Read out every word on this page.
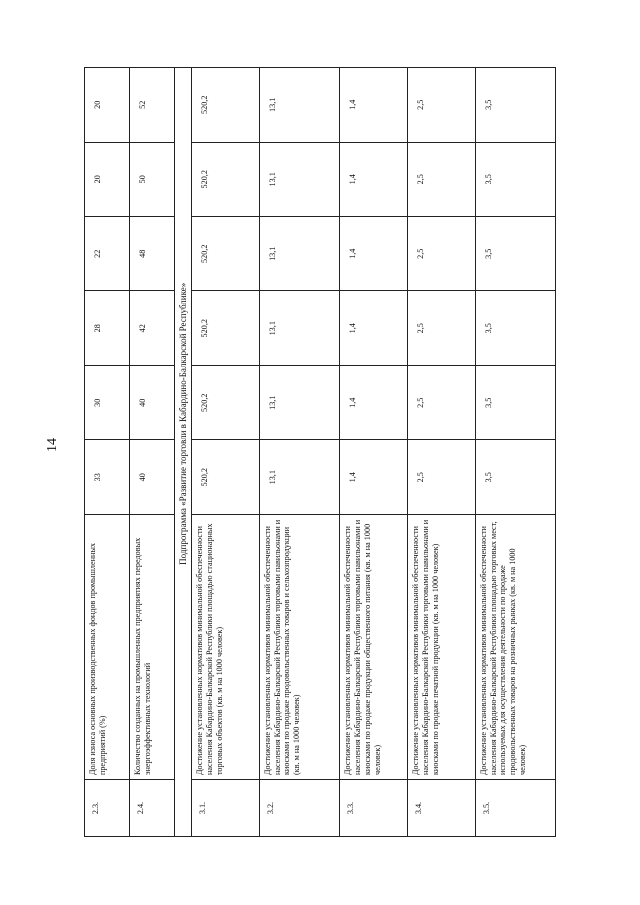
14
2.3.	Доля износа основных производственных фондов промышленных предприятий (%)	33	30	28	22	20	20
2.4.	Количество созданных на промышленных предприятиях передовых энергоэффективных технологий	40	40	42	48	50	52
	Подпрограмма «Развитие торговли в Кабардино-Балкарской Республике»						
3.1.	Достижение установленных нормативов минимальной обеспеченности населения Кабардино-Балкарской Республики площадью стационарных торговых объектов (кв. м на 1000 человек)	520,2	520,2	520,2	520,2	520,2	520,2
3.2.	Достижение установленных нормативов минимальной обеспеченности населения Кабардино-Балкарской Республики торговыми павильонами и киосками по продаже продовольственных товаров и сельхозпродукции (кв. м на 1000 человек)	13,1	13,1	13,1	13,1	13,1	13,1
3.3.	Достижение установленных нормативов минимальной обеспеченности населения Кабардино-Балкарской Республики торговыми павильонами и киосками по продаже продукции общественного питания (кв. м на 1000 человек)	1,4	1,4	1,4	1,4	1,4	1,4
3.4.	Достижение установленных нормативов минимальной обеспеченности населения Кабардино-Балкарской Республики торговыми павильонами и киосками по продаже печатной продукции (кв. м на 1000 человек)	2,5	2,5	2,5	2,5	2,5	2,5
3.5.	Достижение установленных нормативов минимальной обеспеченности населения Кабардино-Балкарской Республики площадью торговых мест, используемых для осуществления деятельности по продаже продовольственных товаров на розничных рынках (кв. м на 1000 человек)	3,5	3,5	3,5	3,5	3,5	3,5
